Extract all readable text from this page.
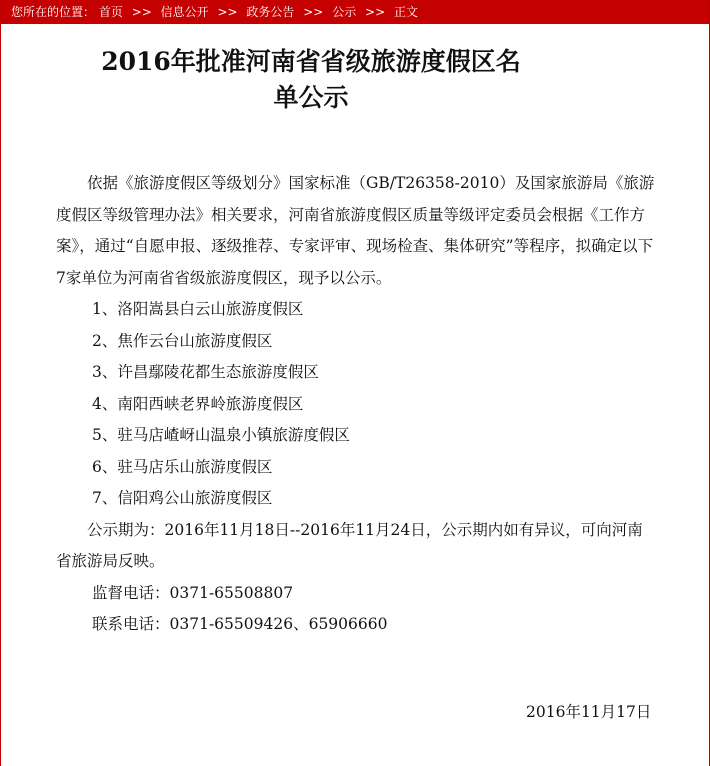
您所在的位置： 首页 >> 信息公开 >> 政务公告 >> 公示 >> 正文
2016年批准河南省省级旅游度假区名
单公示

依据《旅游度假区等级划分》国家标准（GB/T26358-2010）及国家旅游局《旅游度假区等级管理办法》相关要求，河南省旅游度假区质量等级评定委员会根据《工作方案》，通过“自愿申报、逐级推荐、专家评审、现场检查、集体研究”等程序，拟确定以下7家单位为河南省省级旅游度假区，现予以公示。

1、洛阳嵩县白云山旅游度假区

2、焦作云台山旅游度假区

3、许昌鄢陵花都生态旅游度假区

4、南阳西峡老界岭旅游度假区

5、驻马店嵖岈山温泉小镇旅游度假区

6、驻马店乐山旅游度假区

7、信阳鸡公山旅游度假区

公示期为：2016年11月18日--2016年11月24日，公示期内如有异议，可向河南省旅游局反映。

监督电话：0371-65508807

联系电话：0371-65509426、65906660

2016年11月17日
